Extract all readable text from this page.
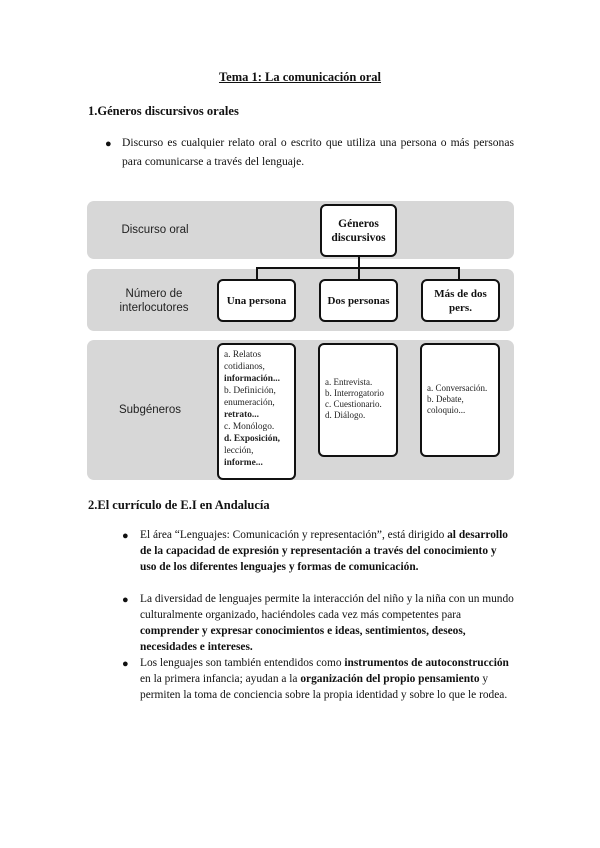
Tema 1: La comunicación oral
1.Géneros discursivos orales
● Discurso es cualquier relato oral o escrito que utiliza una persona o más personas para comunicarse a través del lenguaje.
Discurso oral
Número de interlocutores
Subgéneros
Géneros discursivos
Una persona	Dos personas
Más de dos pers.
a. Relatos
cotidianos,
información...
b. Definición,
enumeración,
retrato...
c. Monólogo.
d. Exposición,
lección,
informe...
a. Entrevista.
b. Interrogatorio
c. Cuestionario.
d. Diálogo.
a. Conversación.
b. Debate,
coloquio...
2.El currículo de E.I en Andalucía
● El área “Lenguajes: Comunicación y representación”, está dirigido al desarrollo de la capacidad de expresión y representación a través del conocimiento y uso de los diferentes lenguajes y formas de comunicación.
● La diversidad de lenguajes permite la interacción del niño y la niña con un mundo culturalmente organizado, haciéndoles cada vez más competentes para comprender y expresar conocimientos e ideas, sentimientos, deseos, necesidades e intereses.
● Los lenguajes son también entendidos como instrumentos de autoconstrucción en la primera infancia; ayudan a la organización del propio pensamiento y permiten la toma de conciencia sobre la propia identidad y sobre lo que le rodea.
